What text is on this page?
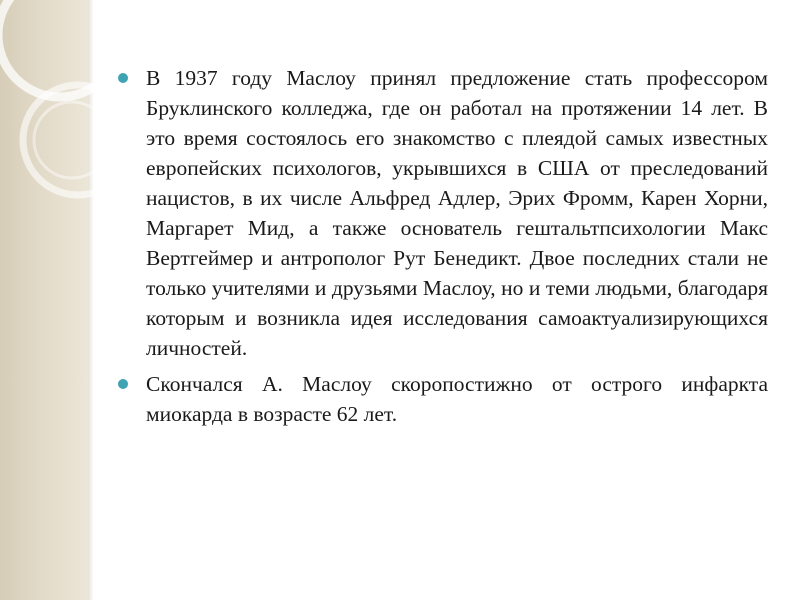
В 1937 году Маслоу принял предложение стать профессором Бруклинского колледжа, где он работал на протяжении 14 лет. В это время состоялось его знакомство с плеядой самых известных европейских психологов, укрывшихся в США от преследований нацистов, в их числе Альфред Адлер, Эрих Фромм, Карен Хорни, Маргарет Мид, а также основатель гештальтпсихологии Макс Вертгеймер и антрополог Рут Бенедикт. Двое последних стали не только учителями и друзьями Маслоу, но и теми людьми, благодаря которым и возникла идея исследования самоактуализирующихся личностей.

Скончался А. Маслоу скоропостижно от острого инфаркта миокарда в возрасте 62 лет.
